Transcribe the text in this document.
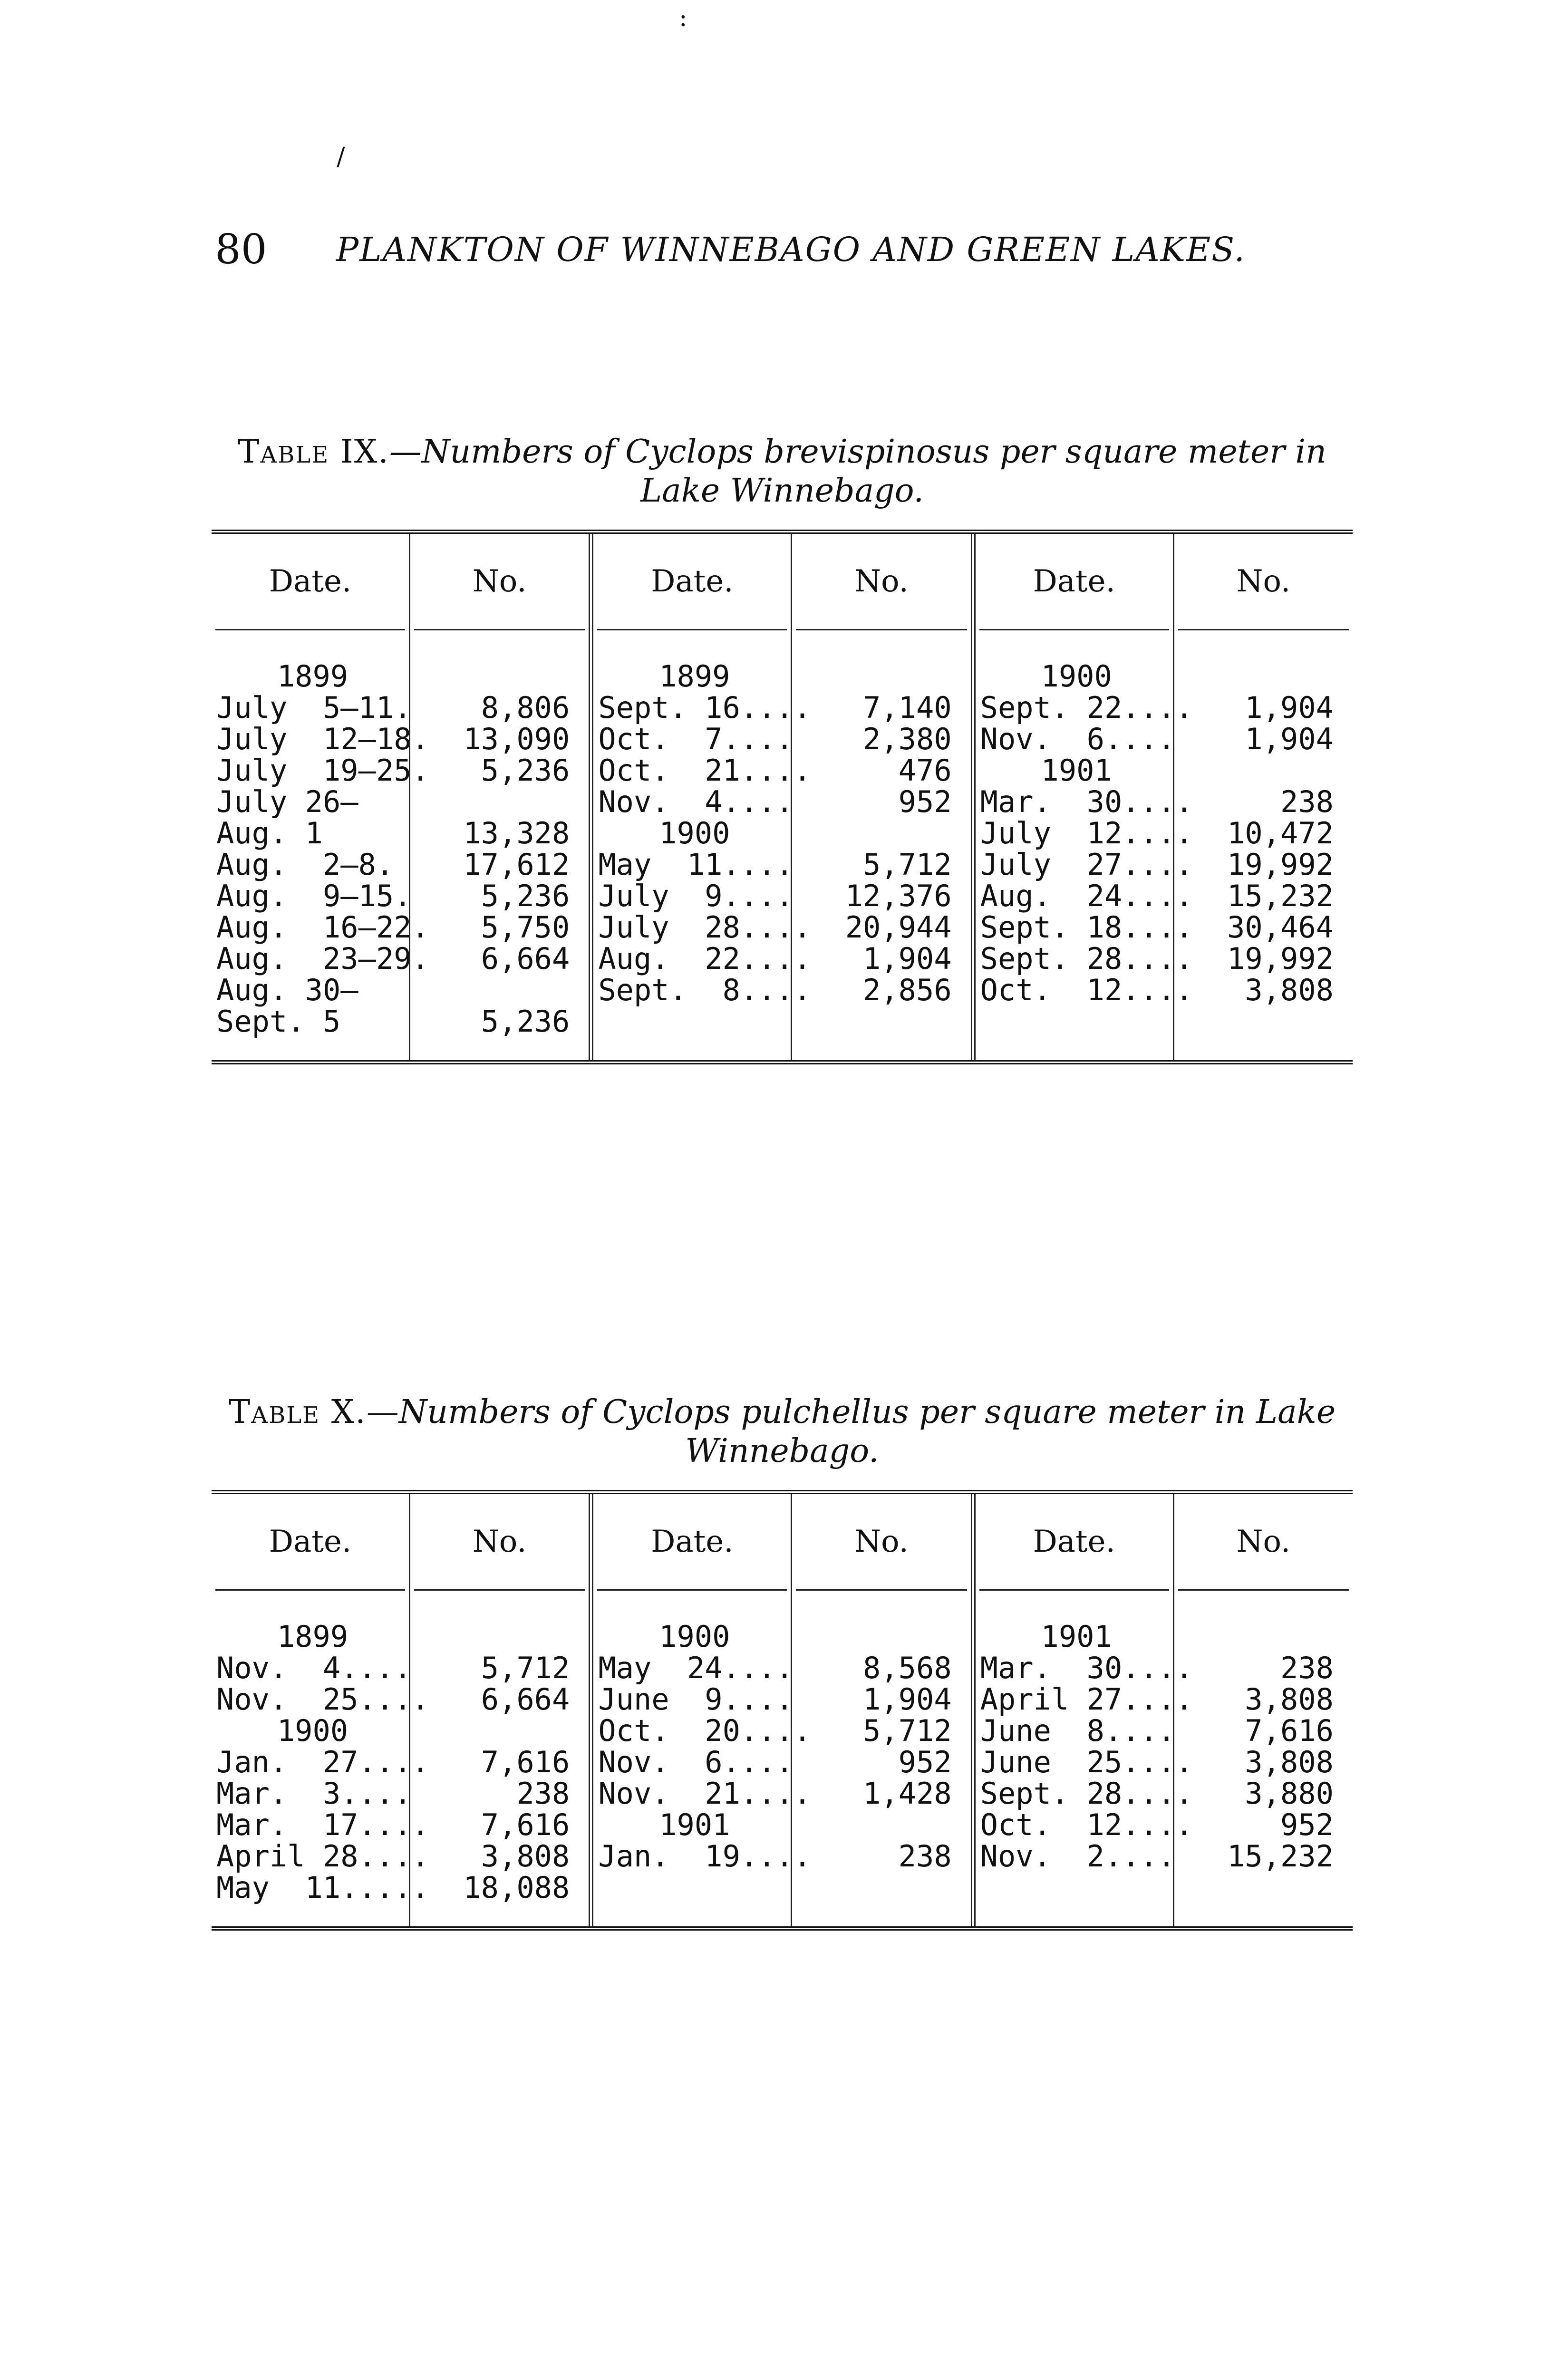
:
/
80 PLANKTON OF WINNEBAGO AND GREEN LAKES.
Table IX.—Numbers of Cyclops brevispinosus per square meter in Lake Winnebago.
Date.
1899
July  5–11.
July  12–18.
July  19–25.
July 26–
Aug. 1
Aug.  2–8.
Aug.  9–15.
Aug.  16–22.
Aug.  23–29.
Aug. 30–
Sept. 5
No.
8,806
13,090
5,236
13,328
17,612
5,236
5,750
6,664
5,236
Date.
1899
Sept. 16....
Oct.  7....
Oct.  21....
Nov.  4....
1900
May  11....
July  9....
July  28....
Aug.  22....
Sept.  8....
No.
7,140
2,380
476
952
5,712
12,376
20,944
1,904
2,856
Date.
1900
Sept. 22....
Nov.  6....
1901
Mar.  30....
July  12....
July  27....
Aug.  24....
Sept. 18....
Sept. 28....
Oct.  12....
No.
1,904
1,904
238
10,472
19,992
15,232
30,464
19,992
3,808
Table X.—Numbers of Cyclops pulchellus per square meter in Lake Winnebago.
Date.
1899
Nov.  4....
Nov.  25....
1900
Jan.  27....
Mar.  3....
Mar.  17....
April 28....
May  11.....
No.
5,712
6,664
7,616
238
7,616
3,808
18,088
Date.
1900
May  24....
June  9....
Oct.  20....
Nov.  6....
Nov.  21....
1901
Jan.  19....
No.
8,568
1,904
5,712
952
1,428
238
Date.
1901
Mar.  30....
April 27....
June  8....
June  25....
Sept. 28....
Oct.  12....
Nov.  2....
No.
238
3,808
7,616
3,808
3,880
952
15,232
